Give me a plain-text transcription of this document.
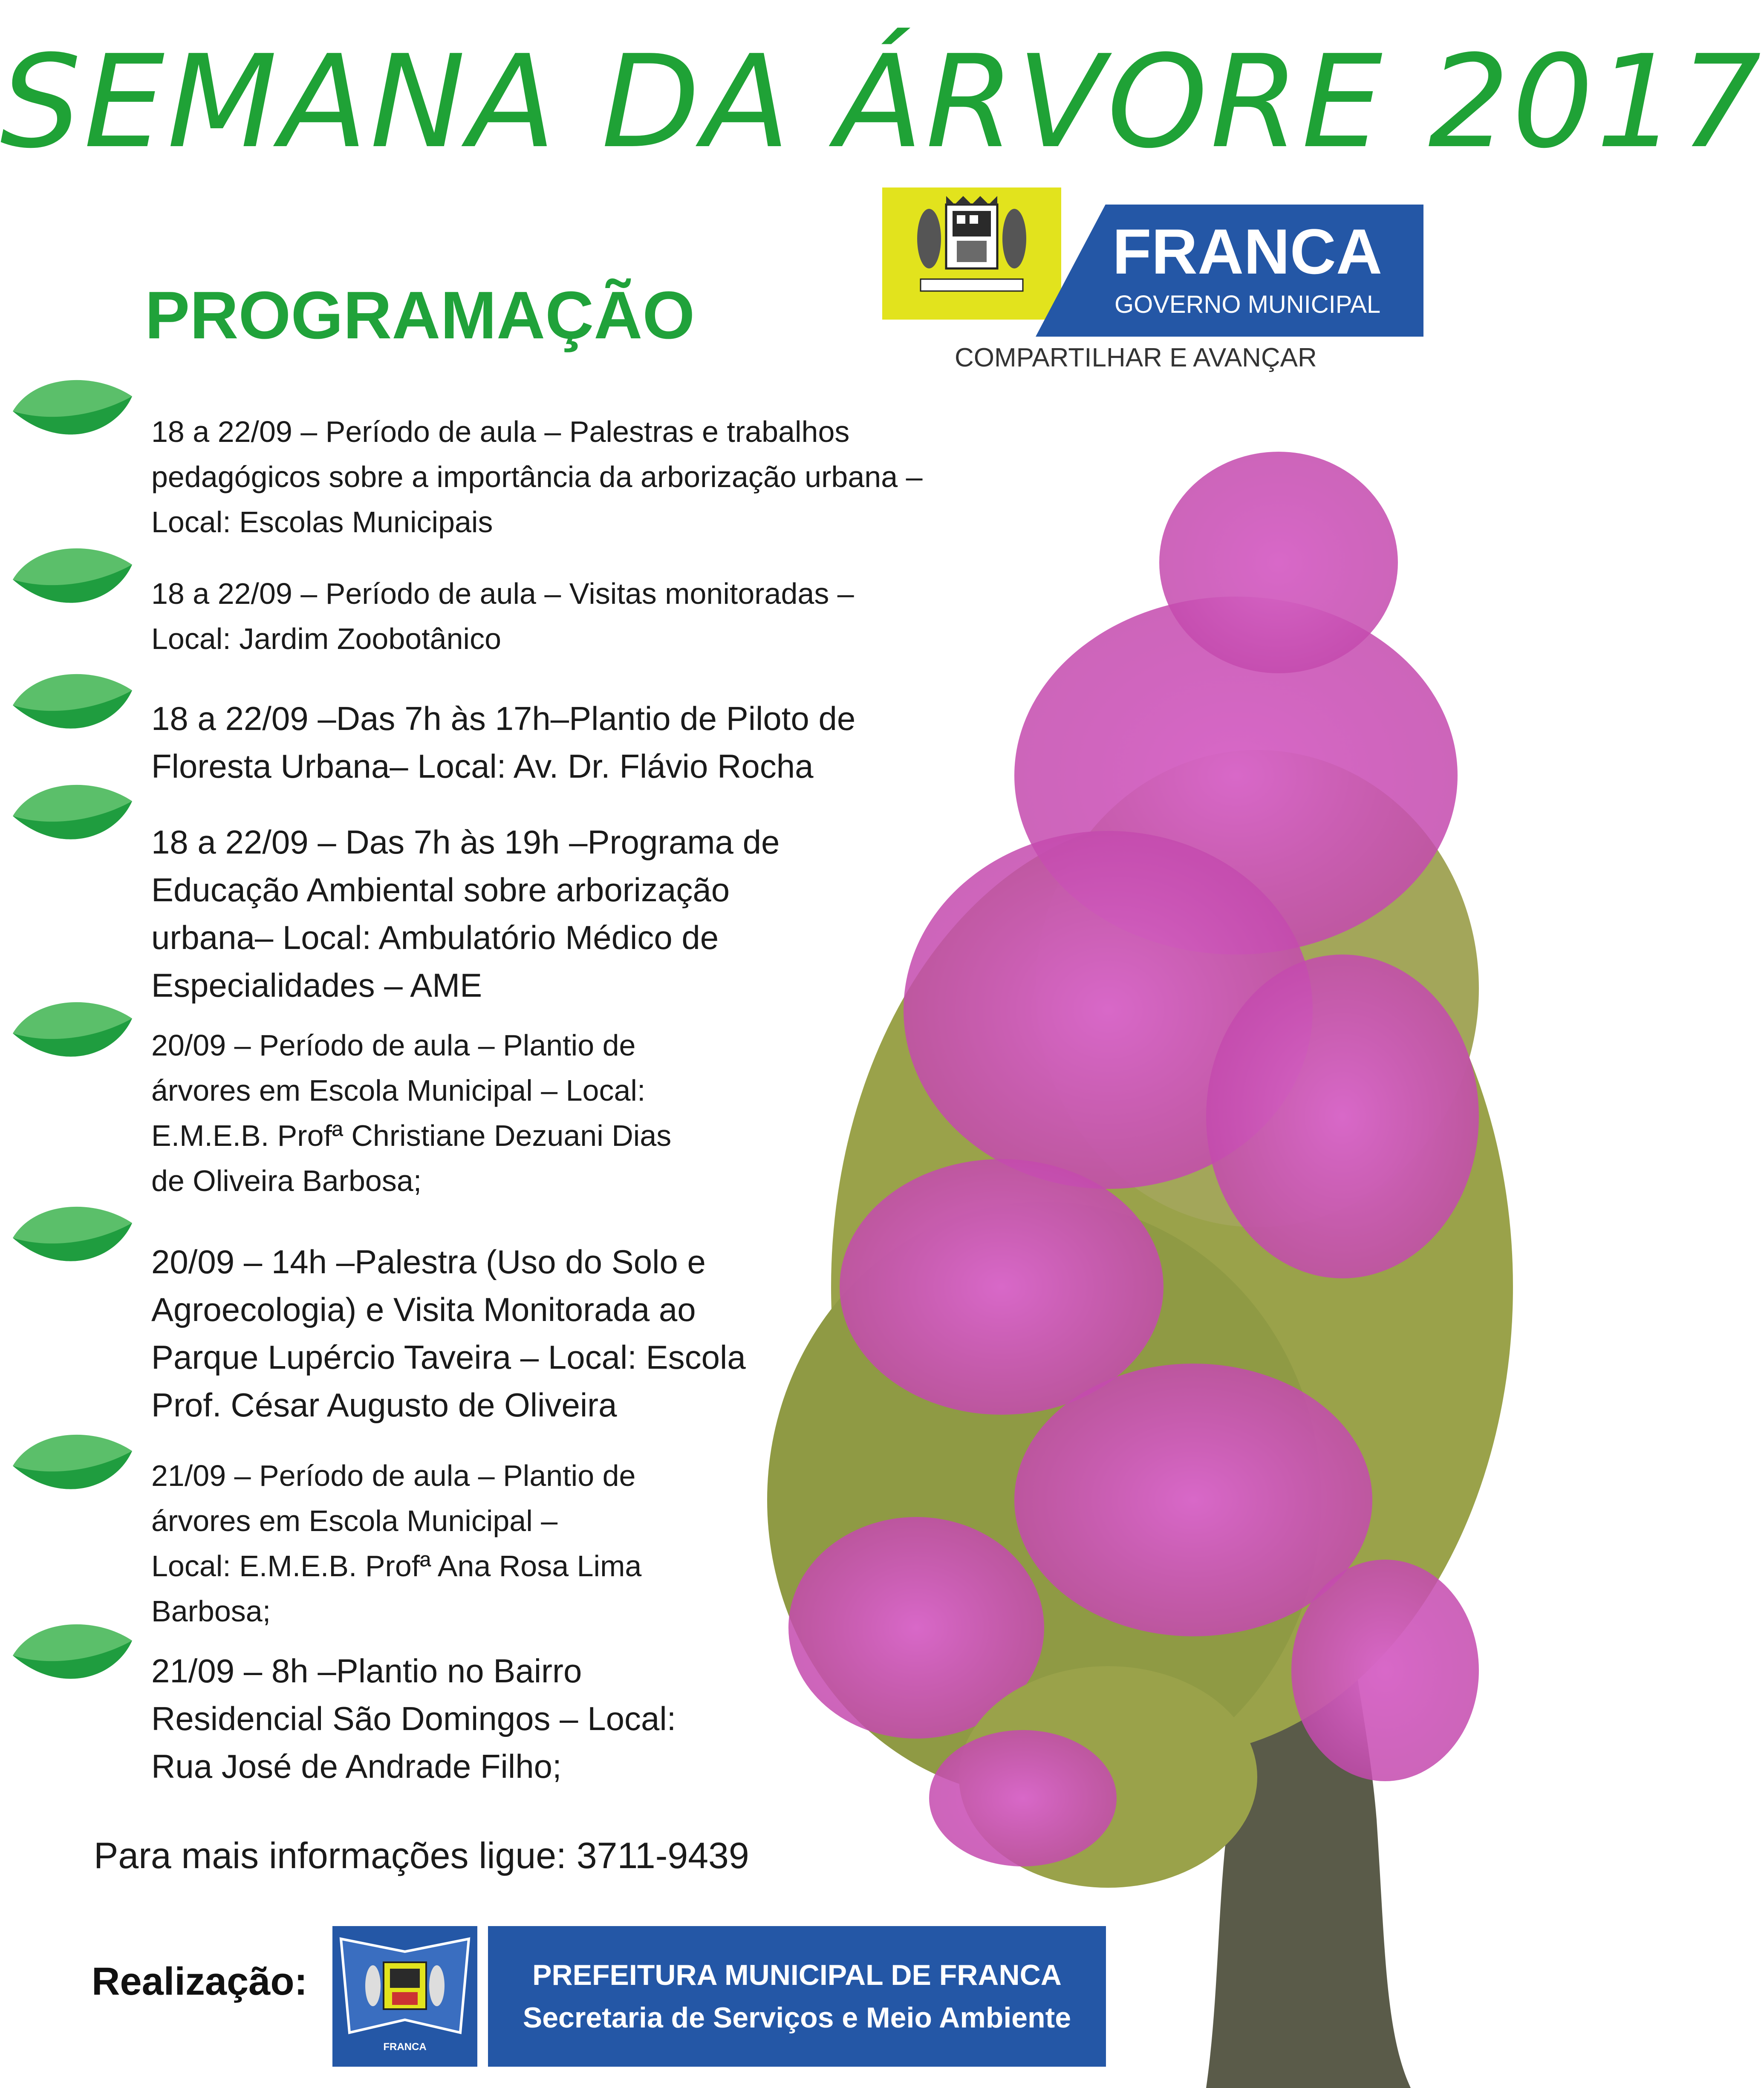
SEMANA DA ÁRVORE 2017
PROGRAMAÇÃO
FRANCA
GOVERNO MUNICIPAL
COMPARTILHAR E AVANÇAR
18 a 22/09 – Período de aula – Palestras e trabalhos
pedagógicos sobre a importância da arborização urbana –
Local: Escolas Municipais
18 a 22/09 – Período de aula – Visitas monitoradas –
Local: Jardim Zoobotânico
18 a 22/09 –Das 7h às 17h–Plantio de Piloto de
Floresta Urbana– Local: Av. Dr. Flávio Rocha
18 a 22/09 – Das 7h às 19h –Programa de
Educação Ambiental sobre arborização
urbana– Local: Ambulatório Médico de
Especialidades – AME
20/09 – Período de aula – Plantio de
árvores em Escola Municipal – Local:
E.M.E.B. Profª Christiane Dezuani Dias
de Oliveira Barbosa;
20/09 – 14h –Palestra (Uso do Solo e
Agroecologia) e Visita Monitorada ao
Parque Lupércio Taveira – Local: Escola
Prof. César Augusto de Oliveira
21/09 – Período de aula – Plantio de
árvores em Escola Municipal –
Local: E.M.E.B. Profª Ana Rosa Lima
Barbosa;
21/09 – 8h –Plantio no Bairro
Residencial São Domingos – Local:
Rua José de Andrade Filho;
Para mais informações ligue: 3711-9439
Realização:
FRANCA
PREFEITURA MUNICIPAL DE FRANCA
Secretaria de Serviços e Meio Ambiente
